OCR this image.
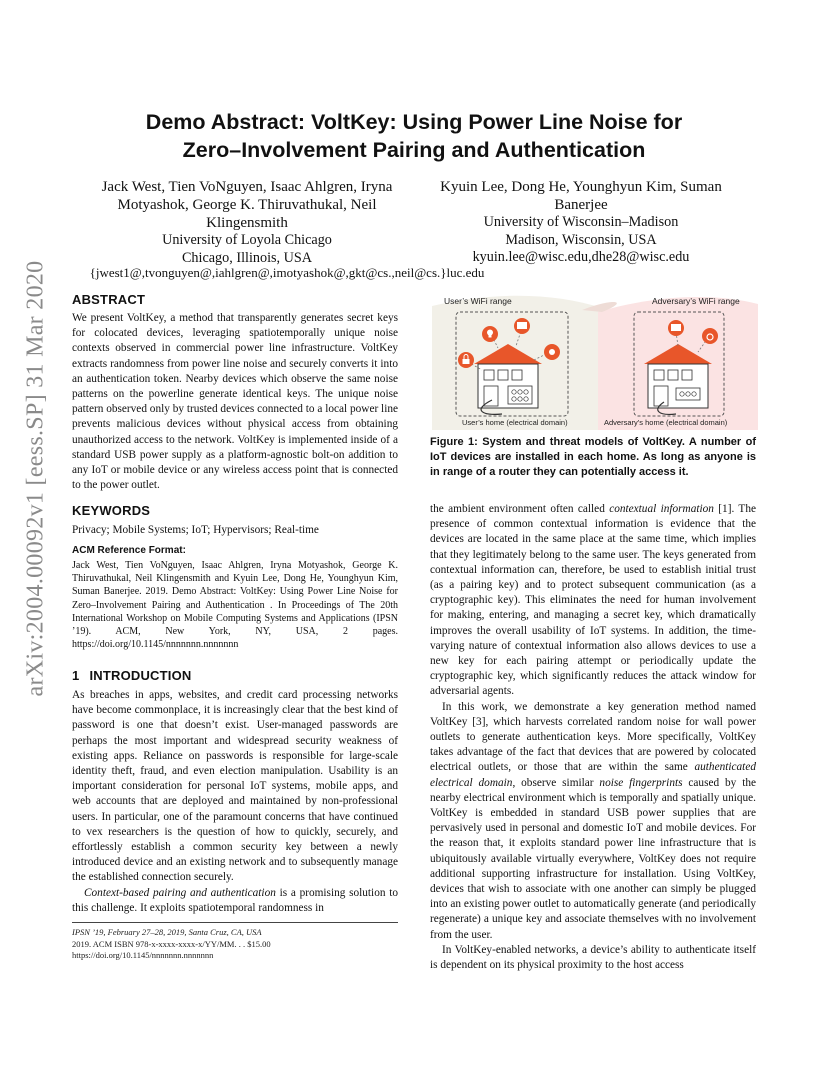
arXiv:2004.00092v1 [eess.SP] 31 Mar 2020
Demo Abstract: VoltKey: Using Power Line Noise for
Zero–Involvement Pairing and Authentication
Jack West, Tien VoNguyen, Isaac Ahlgren, Iryna Motyashok, George K. Thiruvathukal, Neil Klingensmith
University of Loyola Chicago
Chicago, Illinois, USA
{jwest1@,tvonguyen@,iahlgren@,imotyashok@,gkt@cs.,neil@cs.}luc.edu
Kyuin Lee, Dong He, Younghyun Kim, Suman Banerjee
University of Wisconsin–Madison
Madison, Wisconsin, USA
kyuin.lee@wisc.edu,dhe28@wisc.edu
ABSTRACT

We present VoltKey, a method that transparently generates secret keys for colocated devices, leveraging spatiotemporally unique noise contexts observed in commercial power line infrastructure. VoltKey extracts randomness from power line noise and securely converts it into an authentication token. Nearby devices which observe the same noise patterns on the powerline generate identical keys. The unique noise pattern observed only by trusted devices connected to a local power line prevents malicious devices without physical access from obtaining unauthorized access to the network. VoltKey is implemented inside of a standard USB power supply as a platform-agnostic bolt-on addition to any IoT or mobile device or any wireless access point that is connected to the power outlet.

KEYWORDS

Privacy; Mobile Systems; IoT; Hypervisors; Real-time

ACM Reference Format:
Jack West, Tien VoNguyen, Isaac Ahlgren, Iryna Motyashok, George K. Thiruvathukal, Neil Klingensmith and Kyuin Lee, Dong He, Younghyun Kim, Suman Banerjee. 2019. Demo Abstract: VoltKey: Using Power Line Noise for Zero–Involvement Pairing and Authentication . In Proceedings of The 20th International Workshop on Mobile Computing Systems and Applications (IPSN ’19). ACM, New York, NY, USA, 2 pages. https://doi.org/10.1145/nnnnnnn.nnnnnnn
1 INTRODUCTION

As breaches in apps, websites, and credit card processing networks have become commonplace, it is increasingly clear that the best kind of password is one that doesn’t exist. User-managed passwords are perhaps the most important and widespread security weakness of existing apps. Reliance on passwords is responsible for large-scale identity theft, fraud, and even election manipulation. Usability is an important consideration for personal IoT systems, mobile apps, and web accounts that are deployed and maintained by non-professional users. In particular, one of the paramount concerns that have continued to vex researchers is the question of how to quickly, securely, and effortlessly establish a common security key between a newly introduced device and an existing network and to subsequently manage the established connection securely.

Context-based pairing and authentication is a promising solution to this challenge. It exploits spatiotemporal randomness in

IPSN ’19, February 27–28, 2019, Santa Cruz, CA, USA
2019. ACM ISBN 978-x-xxxx-xxxx-x/YY/MM. . . $15.00
https://doi.org/10.1145/nnnnnnn.nnnnnnn
User’s WiFi range	Adversary’s WiFi range
User’s home (electrical domain)	Adversary’s home (electrical domain)
Figure 1: System and threat models of VoltKey. A number of IoT devices are installed in each home. As long as anyone is in range of a router they can potentially access it.

the ambient environment often called contextual information [1]. The presence of common contextual information is evidence that the devices are located in the same place at the same time, which implies that they legitimately belong to the same user. The keys generated from contextual information can, therefore, be used to establish initial trust (as a pairing key) and to protect subsequent communication (as a cryptographic key). This eliminates the need for human involvement for making, entering, and managing a secret key, which dramatically improves the overall usability of IoT systems. In addition, the time-varying nature of contextual information also allows devices to use a new key for each pairing attempt or periodically update the cryptographic key, which significantly reduces the attack window for adversarial agents.

In this work, we demonstrate a key generation method named VoltKey [3], which harvests correlated random noise for wall power outlets to generate authentication keys. More specifically, VoltKey takes advantage of the fact that devices that are powered by colocated electrical outlets, or those that are within the same authenticated electrical domain, observe similar noise fingerprints caused by the nearby electrical environment which is temporally and spatially unique. VoltKey is embedded in standard USB power supplies that are pervasively used in personal and domestic IoT and mobile devices. For the reason that, it exploits standard power line infrastructure that is ubiquitously available virtually everywhere, VoltKey does not require additional supporting infrastructure for installation. Using VoltKey, devices that wish to associate with one another can simply be plugged into an existing power outlet to automatically generate (and periodically regenerate) a unique key and associate themselves with no involvement from the user.

In VoltKey-enabled networks, a device’s ability to authenticate itself is dependent on its physical proximity to the host access
